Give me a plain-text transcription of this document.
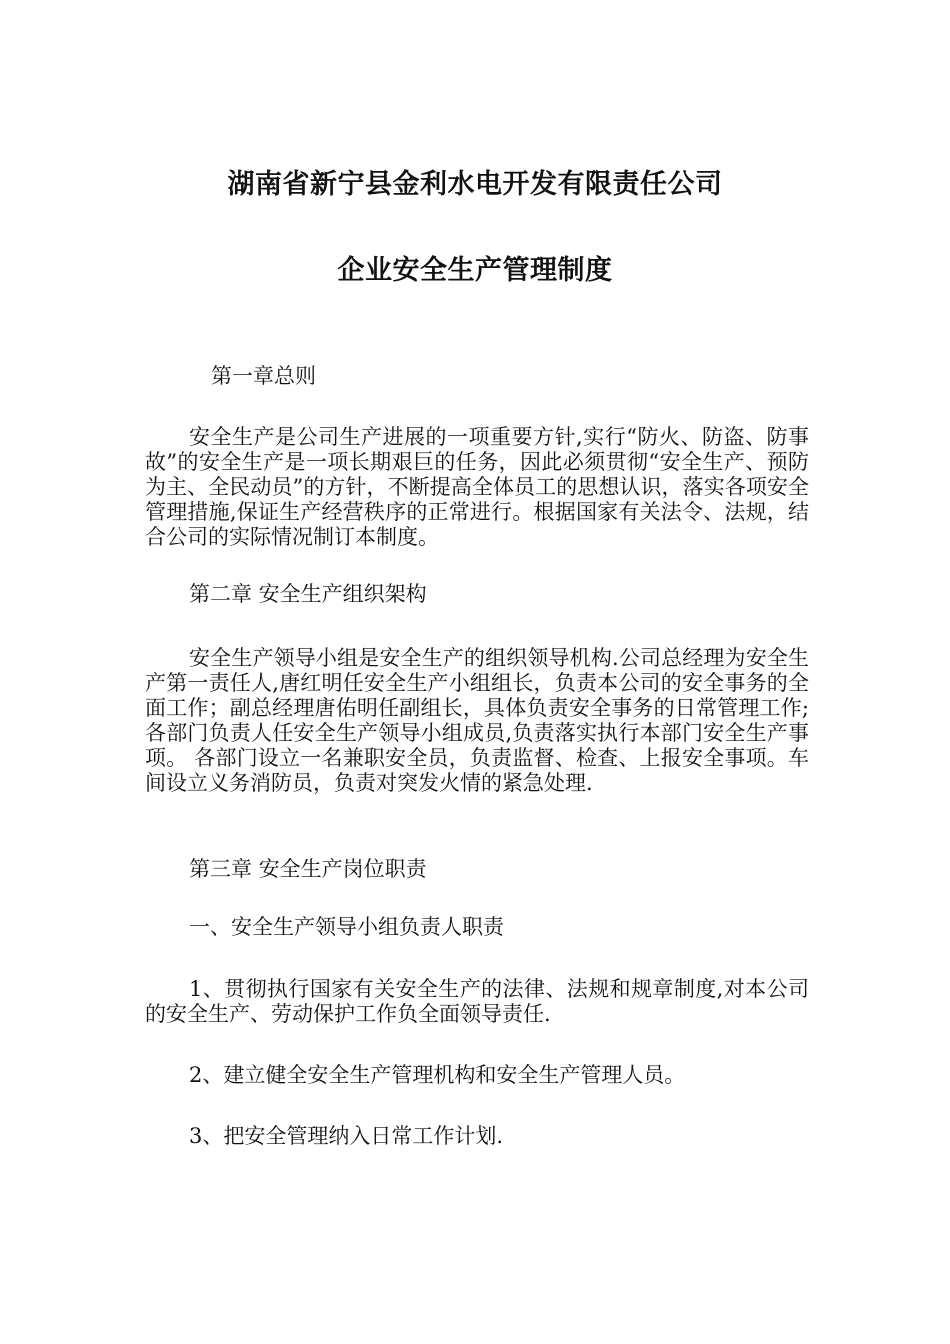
湖南省新宁县金利水电开发有限责任公司
企业安全生产管理制度

第一章总则

安全生产是公司生产进展的一项重要方针,实行“防火、防盗、防事故”的安全生产是一项长期艰巨的任务，因此必须贯彻“安全生产、预防为主、全民动员”的方针，不断提高全体员工的思想认识，落实各项安全管理措施,保证生产经营秩序的正常进行。根据国家有关法令、法规，结合公司的实际情况制订本制度。

第二章 安全生产组织架构

安全生产领导小组是安全生产的组织领导机构.公司总经理为安全生产第一责任人,唐红明任安全生产小组组长，负责本公司的安全事务的全面工作；副总经理唐佑明任副组长，具体负责安全事务的日常管理工作;各部门负责人任安全生产领导小组成员,负责落实执行本部门安全生产事项。 各部门设立一名兼职安全员，负责监督、检查、上报安全事项。车间设立义务消防员，负责对突发火情的紧急处理.

第三章 安全生产岗位职责

一、安全生产领导小组负责人职责

1、贯彻执行国家有关安全生产的法律、法规和规章制度,对本公司的安全生产、劳动保护工作负全面领导责任.

2、建立健全安全生产管理机构和安全生产管理人员。

3、把安全管理纳入日常工作计划.
